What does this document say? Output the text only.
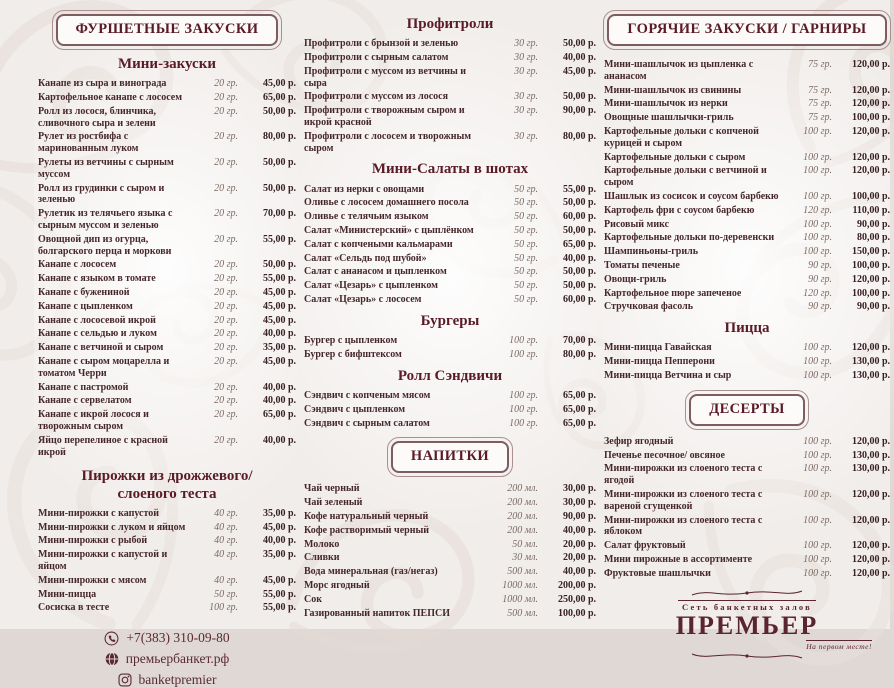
ФУРШЕТНЫЕ ЗАКУСКИ
Мини-закуски
Канапе из сыра и винограда	20 гр.	45,00 р.
Картофельное канапе с лососем	20 гр.	65,00 р.
Ролл из лосося, блинчика, сливочного сыра и зелени
20 гр.	50,00 р.
Рулет из ростбифа с маринованным луком
20 гр.	80,00 р.
Рулеты из ветчины с сырным муссом
20 гр.	50,00 р.
Ролл из грудинки с сыром и зеленью
20 гр.	50,00 р.
Рулетик из телячьего языка с сырным муссом и зеленью
20 гр.	70,00 р.
Овощной дип из огурца, болгарского перца и моркови
20 гр.	55,00 р.
Канапе с лососем	20 гр.	50,00 р.
Канапе с языком в томате	20 гр.	55,00 р.
Канапе с бужениной	20 гр.	45,00 р.
Канапе с цыпленком	20 гр.	45,00 р.
Канапе с лососевой икрой	20 гр.	45,00 р.
Канапе с сельдью и луком	20 гр.	40,00 р.
Канапе с ветчиной и сыром	20 гр.	35,00 р.
Канапе с сыром моцарелла и томатом Черри
20 гр.	45,00 р.
Канапе с пастромой	20 гр.	40,00 р.
Канапе с сервелатом	20 гр.	40,00 р.
Канапе с икрой лосося и творожным сыром
20 гр.	65,00 р.
Яйцо перепелиное с красной икрой
20 гр.	40,00 р.
Пирожки из дрожжевого/
слоеного теста
Мини-пирожки с капустой	40 гр.	35,00 р.
Мини-пирожки с луком и яйцом	40 гр.	45,00 р.
Мини-пирожки с рыбой	40 гр.	40,00 р.
Мини-пирожки с капустой и яйцом
40 гр.	35,00 р.
Мини-пирожки с мясом	40 гр.	45,00 р.
Мини-пицца	50 гр.	55,00 р.
Сосиска в тесте	100 гр.	55,00 р.
+7(383) 310-09-80
премьербанкет.рф
banketpremier
Профитроли
Профитроли с брынзой и зеленью	30 гр.	50,00 р.
Профитроли с сырным салатом	30 гр.	40,00 р.
Профитроли с муссом из ветчины и сыра
30 гр.	45,00 р.
Профитроли с муссом из лосося	30 гр.	50,00 р.
Профитроли с творожным сыром и икрой красной
30 гр.	90,00 р.
Профитроли с лососем и творожным сыром
30 гр.	80,00 р.
Мини-Салаты в шотах
Салат из нерки с овощами	50 гр.	55,00 р.
Оливье с лососем домашнего посола	50 гр.	50,00 р.
Оливье с телячьим языком	50 гр.	60,00 р.
Салат «Министерский» с цыплёнком	50 гр.	50,00 р.
Салат с копчеными кальмарами	50 гр.	65,00 р.
Салат «Сельдь под шубой»	50 гр.	40,00 р.
Салат с ананасом и цыпленком	50 гр.	50,00 р.
Салат «Цезарь» с цыпленком	50 гр.	50,00 р.
Салат «Цезарь» с лососем	50 гр.	60,00 р.
Бургеры
Бургер с цыпленком	100 гр.	70,00 р.
Бургер с бифштексом	100 гр.	80,00 р.
Ролл Сэндвичи
Сэндвич с копченым мясом	100 гр.	65,00 р.
Сэндвич с цыпленком	100 гр.	65,00 р.
Сэндвич с сырным салатом	100 гр.	65,00 р.
НАПИТКИ
Чай черный	200 мл.	30,00 р.
Чай зеленый	200 мл.	30,00 р.
Кофе натуральный черный	200 мл.	90,00 р.
Кофе растворимый черный	200 мл.	40,00 р.
Молоко	50 мл.	20,00 р.
Сливки	30 мл.	20,00 р.
Вода минеральная (газ/негаз)	500 мл.	40,00 р.
Морс ягодный	1000 мл.	200,00 р.
Сок	1000 мл.	250,00 р.
Газированный напиток ПЕПСИ	500 мл.	100,00 р.
ГОРЯЧИЕ ЗАКУСКИ / ГАРНИРЫ
Мини-шашлычок из цыпленка с ананасом
75 гр.	120,00 р.
Мини-шашлычок из свинины	75 гр.	120,00 р.
Мини-шашлычок из нерки	75 гр.	120,00 р.
Овощные шашлычки-гриль	75 гр.	100,00 р.
Картофельные дольки с копченой курицей и сыром
100 гр.	120,00 р.
Картофельные дольки с сыром	100 гр.	120,00 р.
Картофельные дольки с ветчиной и сыром
100 гр.	120,00 р.
Шашлык из сосисок и соусом барбекю	100 гр.	100,00 р.
Картофель фри с соусом барбекю	120 гр.	110,00 р.
Рисовый микс	100 гр.	90,00 р.
Картофельные дольки по-деревенски	100 гр.	80,00 р.
Шампиньоны-гриль	100 гр.	150,00 р.
Томаты печеные	90 гр.	100,00 р.
Овощи-гриль	90 гр.	120,00 р.
Картофельное пюре запеченое	120 гр.	100,00 р.
Стручковая фасоль	90 гр.	90,00 р.
Пицца
Мини-пицца Гавайская	100 гр.	120,00 р.
Мини-пицца Пепперони	100 гр.	130,00 р.
Мини-пицца Ветчина и сыр	100 гр.	130,00 р.
ДЕСЕРТЫ
Зефир ягодный	100 гр.	120,00 р.
Печенье песочное/ овсяное	100 гр.	130,00 р.
Мини-пирожки из слоеного теста с ягодой
100 гр.	130,00 р.
Мини-пирожки из слоеного теста с вареной сгущенкой
100 гр.	120,00 р.
Мини-пирожки из слоеного теста с яблоком
100 гр.	120,00 р.
Салат фруктовый	100 гр.	120,00 р.
Мини пирожные в ассортименте	100 гр.	120,00 р.
Фруктовые шашлычки	100 гр.	120,00 р.
Сеть банкетных залов
ПРЕМЬЕР
На первом месте!
